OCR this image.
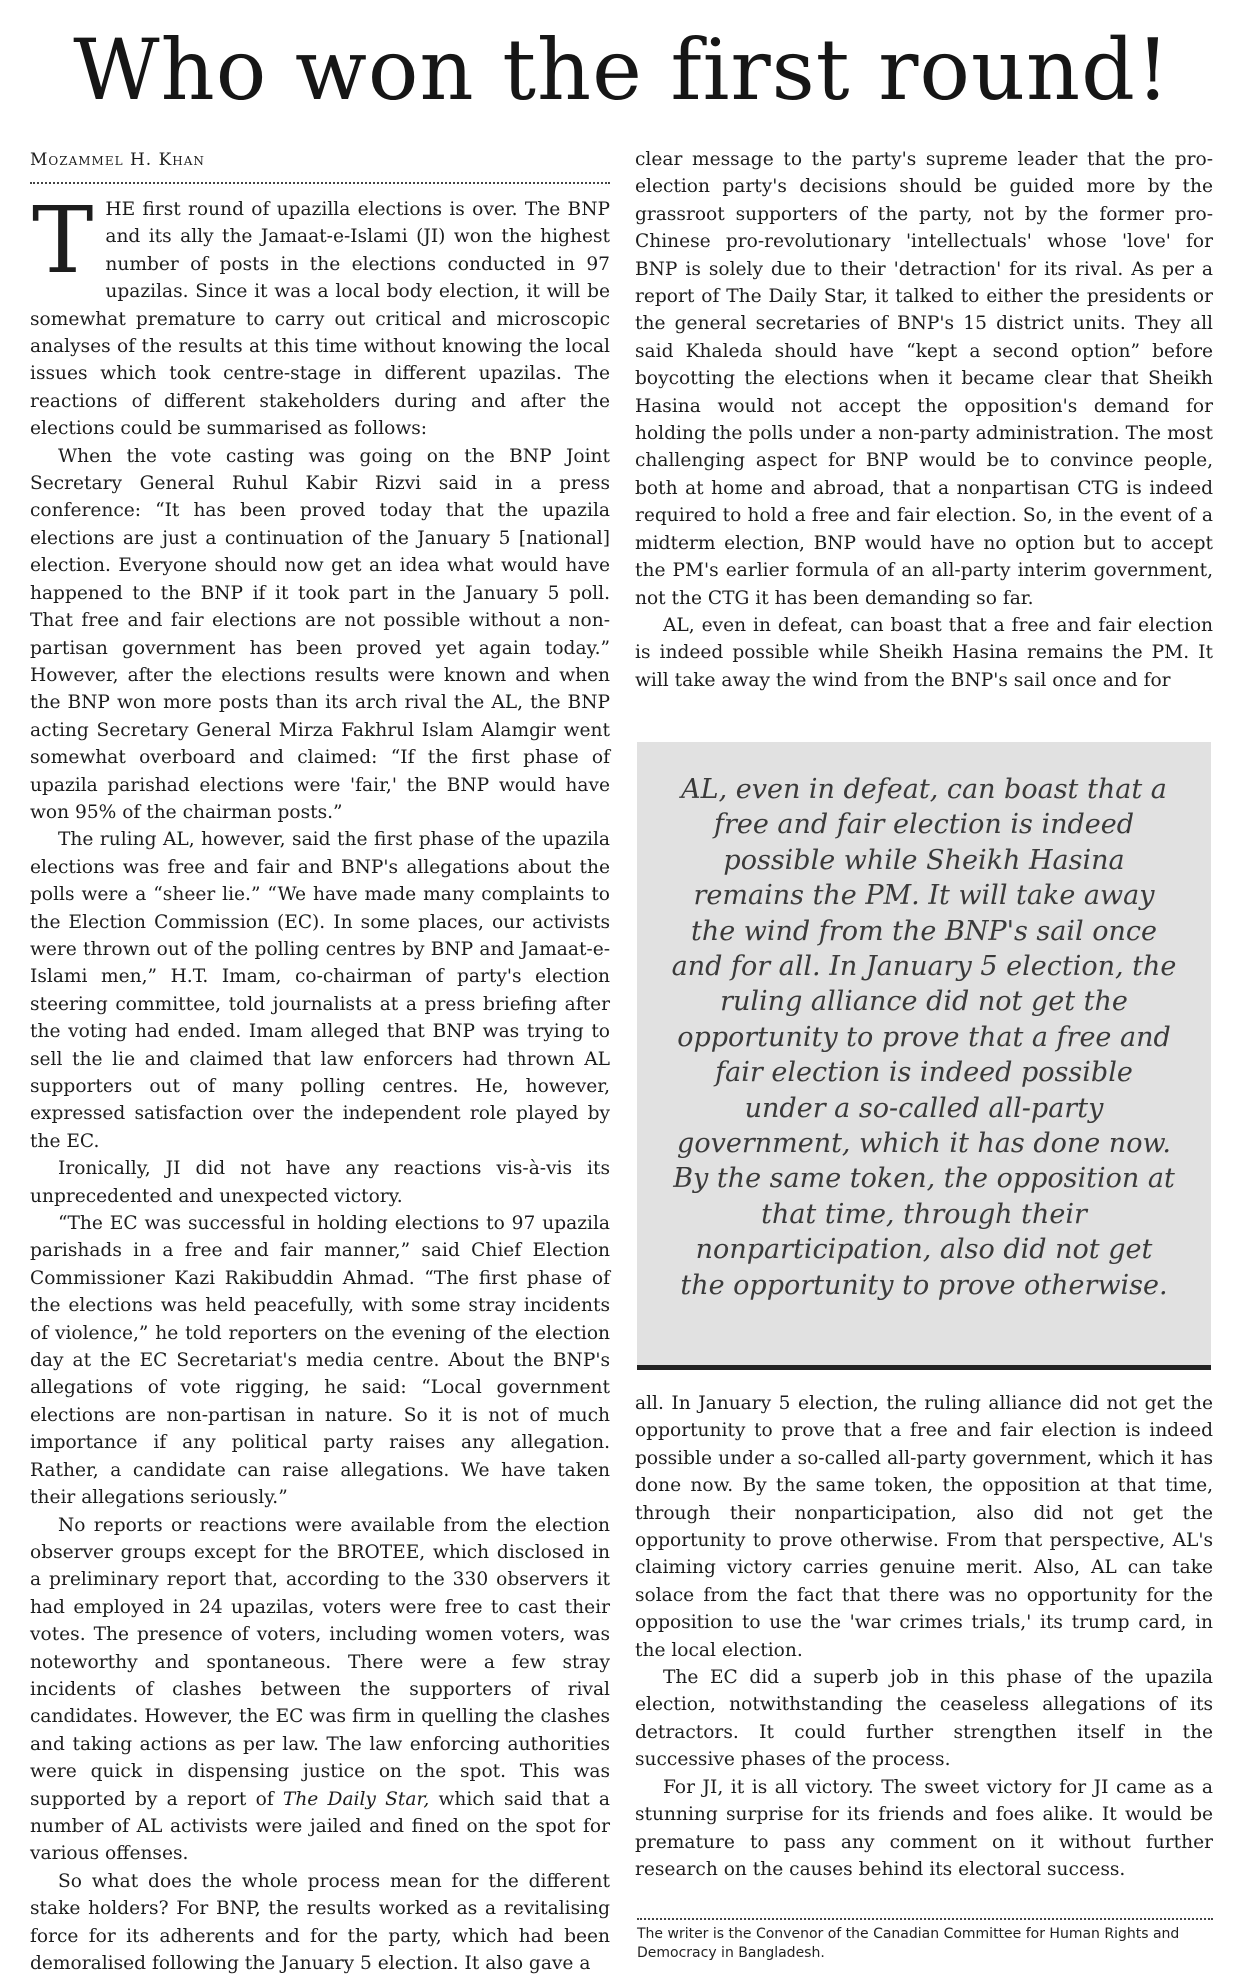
Who won the first round!
Mozammel H. Khan

THE first round of upazilla elections is over. The BNP and its ally the Jamaat-e-Islami (JI) won the highest number of posts in the elections conducted in 97 upazilas. Since it was a local body election, it will be somewhat premature to carry out critical and microscopic analyses of the results at this time without knowing the local issues which took centre-stage in different upazilas. The reactions of different stakeholders during and after the elections could be summarised as follows:

When the vote casting was going on the BNP Joint Secretary General Ruhul Kabir Rizvi said in a press conference: “It has been proved today that the upazila elections are just a continuation of the January 5 [national] election. Everyone should now get an idea what would have happened to the BNP if it took part in the January 5 poll. That free and fair elections are not possible without a non-partisan government has been proved yet again today.” However, after the elections results were known and when the BNP won more posts than its arch rival the AL, the BNP acting Secretary General Mirza Fakhrul Islam Alamgir went somewhat overboard and claimed: “If the first phase of upazila parishad elections were 'fair,' the BNP would have won 95% of the chairman posts.”

The ruling AL, however, said the first phase of the upazila elections was free and fair and BNP's allegations about the polls were a “sheer lie.” “We have made many complaints to the Election Commission (EC). In some places, our activists were thrown out of the polling centres by BNP and Jamaat-e-Islami men,” H.T. Imam, co-chairman of party's election steering committee, told journalists at a press briefing after the voting had ended. Imam alleged that BNP was trying to sell the lie and claimed that law enforcers had thrown AL supporters out of many polling centres. He, however, expressed satisfaction over the independent role played by the EC.

Ironically, JI did not have any reactions vis-à-vis its unprecedented and unexpected victory.

“The EC was successful in holding elections to 97 upazila parishads in a free and fair manner,” said Chief Election Commissioner Kazi Rakibuddin Ahmad. “The first phase of the elections was held peacefully, with some stray incidents of violence,” he told reporters on the evening of the election day at the EC Secretariat's media centre. About the BNP's allegations of vote rigging, he said: “Local government elections are non-partisan in nature. So it is not of much importance if any political party raises any allegation. Rather, a candidate can raise allegations. We have taken their allegations seriously.”

No reports or reactions were available from the election observer groups except for the BROTEE, which disclosed in a preliminary report that, according to the 330 observers it had employed in 24 upazilas, voters were free to cast their votes. The presence of voters, including women voters, was noteworthy and spontaneous. There were a few stray incidents of clashes between the supporters of rival candidates. However, the EC was firm in quelling the clashes and taking actions as per law. The law enforcing authorities were quick in dispensing justice on the spot. This was supported by a report of The Daily Star, which said that a number of AL activists were jailed and fined on the spot for various offenses.

So what does the whole process mean for the different stake holders? For BNP, the results worked as a revitalising force for its adherents and for the party, which had been demoralised following the January 5 election. It also gave a

clear message to the party's supreme leader that the pro-election party's decisions should be guided more by the grassroot supporters of the party, not by the former pro-Chinese pro-revolutionary 'intellectuals' whose 'love' for BNP is solely due to their 'detraction' for its rival. As per a report of The Daily Star, it talked to either the presidents or the general secretaries of BNP's 15 district units. They all said Khaleda should have “kept a second option” before boycotting the elections when it became clear that Sheikh Hasina would not accept the opposition's demand for holding the polls under a non-party administration. The most challenging aspect for BNP would be to convince people, both at home and abroad, that a nonpartisan CTG is indeed required to hold a free and fair election. So, in the event of a midterm election, BNP would have no option but to accept the PM's earlier formula of an all-party interim government, not the CTG it has been demanding so far.

AL, even in defeat, can boast that a free and fair election is indeed possible while Sheikh Hasina remains the PM. It will take away the wind from the BNP's sail once and for

AL, even in defeat, can boast that a free and fair election is indeed possible while Sheikh Hasina remains the PM. It will take away the wind from the BNP's sail once and for all. In January 5 election, the ruling alliance did not get the opportunity to prove that a free and fair election is indeed possible under a so-called all-party government, which it has done now. By the same token, the opposition at that time, through their nonparticipation, also did not get the opportunity to prove otherwise.

all. In January 5 election, the ruling alliance did not get the opportunity to prove that a free and fair election is indeed possible under a so-called all-party government, which it has done now. By the same token, the opposition at that time, through their nonparticipation, also did not get the opportunity to prove otherwise. From that perspective, AL's claiming victory carries genuine merit. Also, AL can take solace from the fact that there was no opportunity for the opposition to use the 'war crimes trials,' its trump card, in the local election.

The EC did a superb job in this phase of the upazila election, notwithstanding the ceaseless allegations of its detractors. It could further strengthen itself in the successive phases of the process.

For JI, it is all victory. The sweet victory for JI came as a stunning surprise for its friends and foes alike. It would be premature to pass any comment on it without further research on the causes behind its electoral success.

The writer is the Convenor of the Canadian Committee for Human Rights and Democracy in Bangladesh.
